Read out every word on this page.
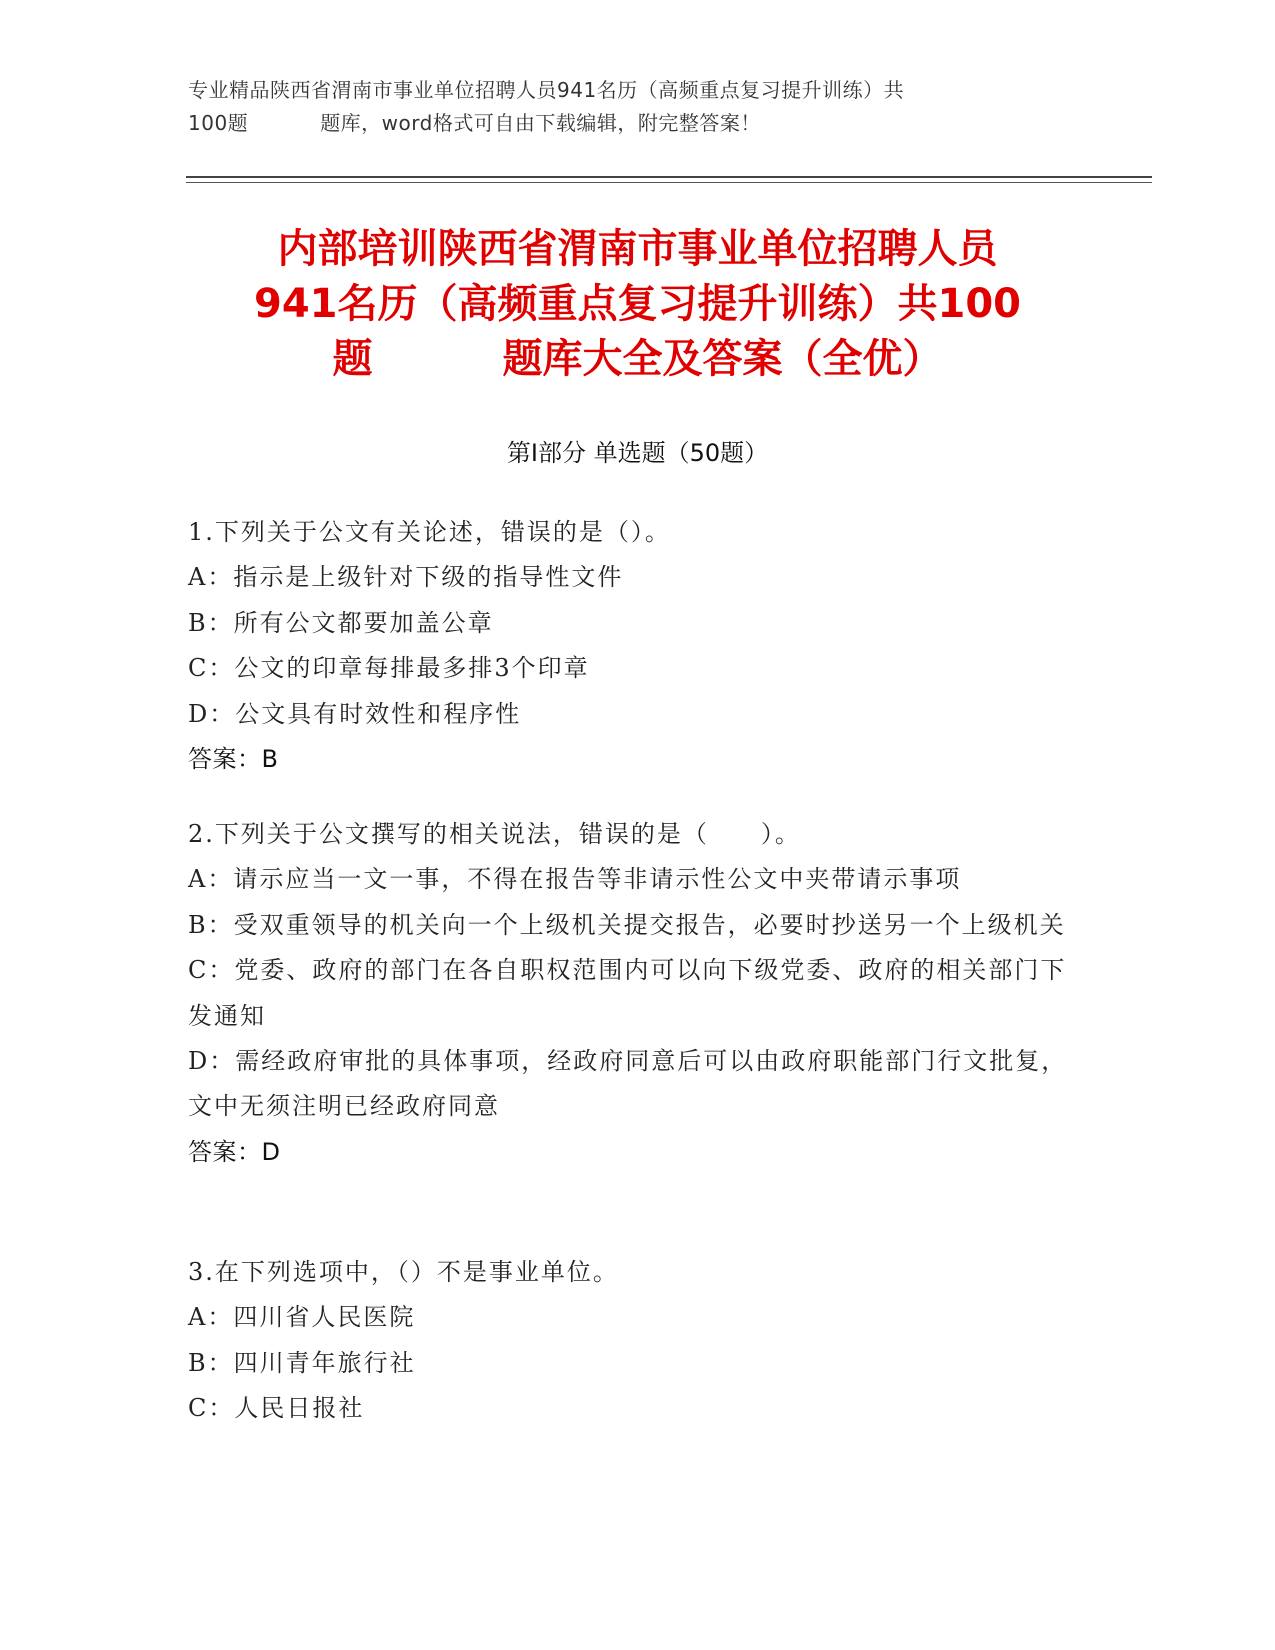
专业精品陕西省渭南市事业单位招聘人员941名历（高频重点复习提升训练）共
100题	题库，word格式可自由下载编辑，附完整答案！
内部培训陕西省渭南市事业单位招聘人员
941名历（高频重点复习提升训练）共100
题	题库大全及答案（全优）
第Ⅰ部分 单选题（50题）

1.下列关于公文有关论述，错误的是（）。

A：指示是上级针对下级的指导性文件

B：所有公文都要加盖公章

C：公文的印章每排最多排3个印章

D：公文具有时效性和程序性

答案：B

2.下列关于公文撰写的相关说法，错误的是（　　）。

A：请示应当一文一事，不得在报告等非请示性公文中夹带请示事项

B：受双重领导的机关向一个上级机关提交报告，必要时抄送另一个上级机关

C：党委、政府的部门在各自职权范围内可以向下级党委、政府的相关部门下发通知

D：需经政府审批的具体事项，经政府同意后可以由政府职能部门行文批复，文中无须注明已经政府同意

答案：D

3.在下列选项中，（）不是事业单位。

A：四川省人民医院

B：四川青年旅行社

C：人民日报社
